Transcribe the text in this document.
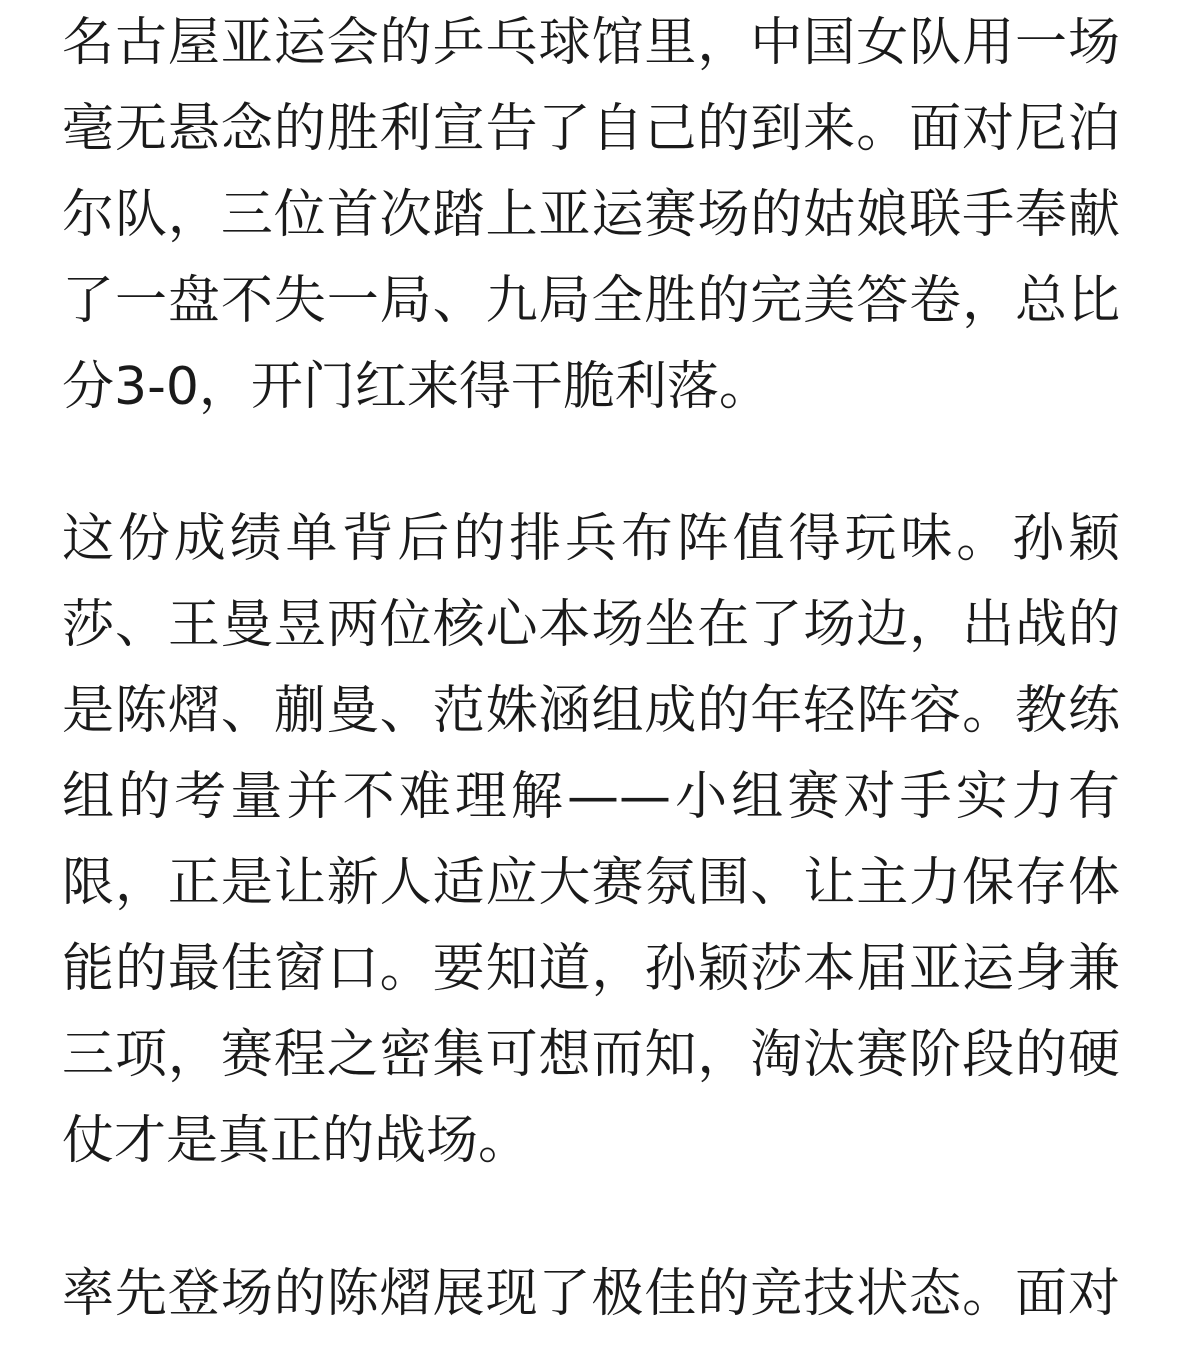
名古屋亚运会的乒乓球馆里，中国女队用一场
毫无悬念的胜利宣告了自己的到来。面对尼泊
尔队，三位首次踏上亚运赛场的姑娘联手奉献
了一盘不失一局、九局全胜的完美答卷，总比
分3-0，开门红来得干脆利落。
这份成绩单背后的排兵布阵值得玩味。孙颖
莎、王曼昱两位核心本场坐在了场边，出战的
是陈熠、蒯曼、范姝涵组成的年轻阵容。教练
组的考量并不难理解——小组赛对手实力有
限，正是让新人适应大赛氛围、让主力保存体
能的最佳窗口。要知道，孙颖莎本届亚运身兼
三项，赛程之密集可想而知，淘汰赛阶段的硬
仗才是真正的战场。
率先登场的陈熠展现了极佳的竞技状态。面对
